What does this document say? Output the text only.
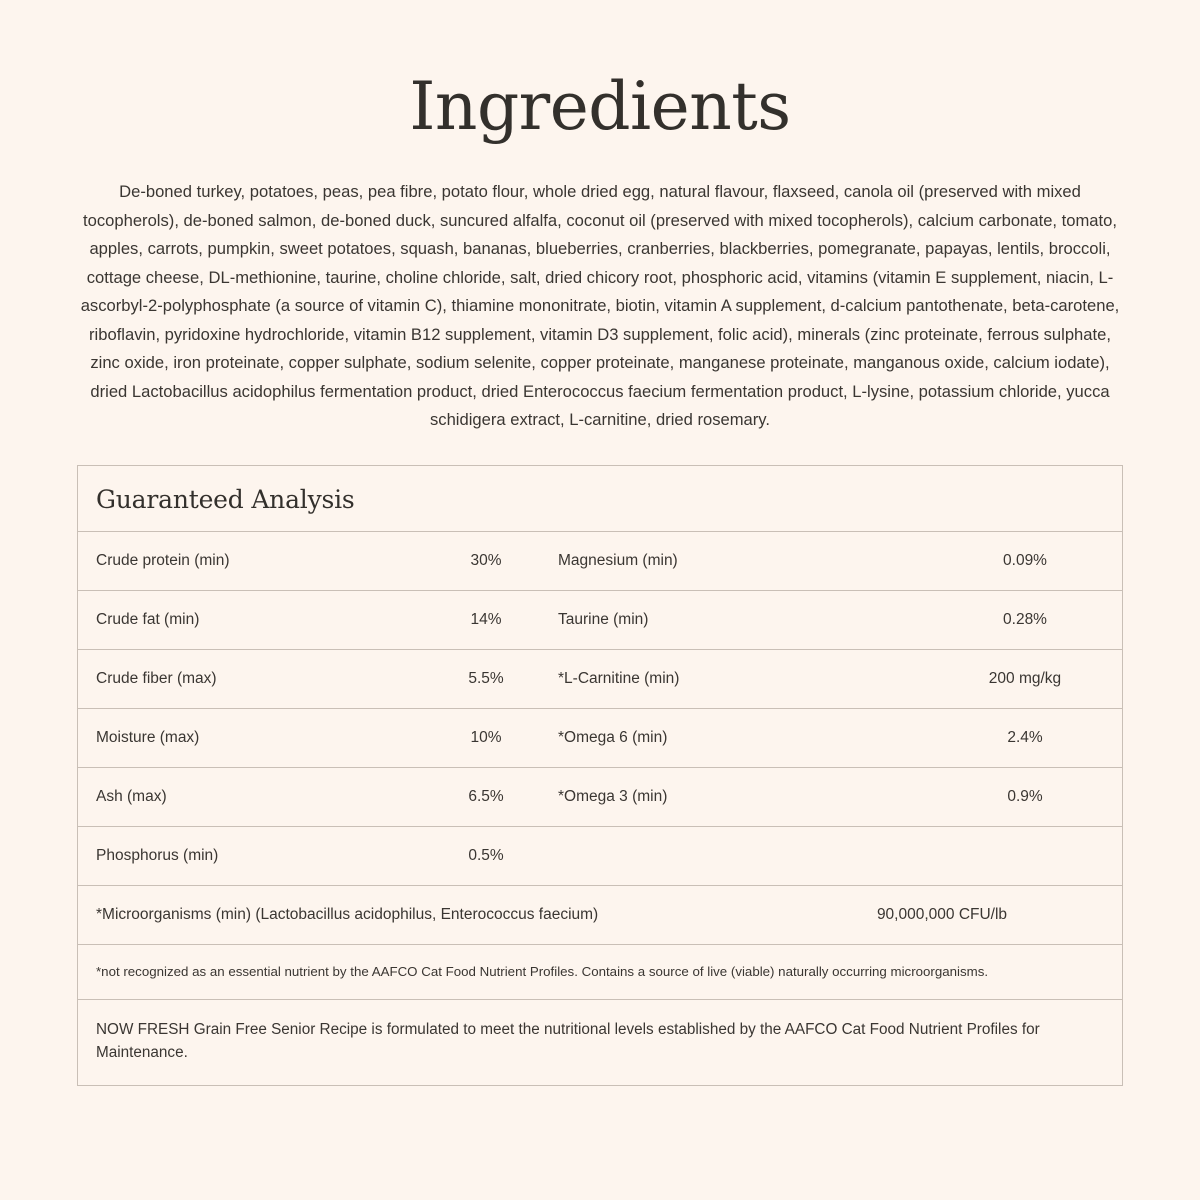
Ingredients

De-boned turkey, potatoes, peas, pea fibre, potato flour, whole dried egg, natural flavour, flaxseed, canola oil (preserved with mixed tocopherols), de-boned salmon, de-boned duck, suncured alfalfa, coconut oil (preserved with mixed tocopherols), calcium carbonate, tomato, apples, carrots, pumpkin, sweet potatoes, squash, bananas, blueberries, cranberries, blackberries, pomegranate, papayas, lentils, broccoli, cottage cheese, DL-methionine, taurine, choline chloride, salt, dried chicory root, phosphoric acid, vitamins (vitamin E supplement, niacin, L-ascorbyl-2-polyphosphate (a source of vitamin C), thiamine mononitrate, biotin, vitamin A supplement, d-calcium pantothenate, beta-carotene, riboflavin, pyridoxine hydrochloride, vitamin B12 supplement, vitamin D3 supplement, folic acid), minerals (zinc proteinate, ferrous sulphate, zinc oxide, iron proteinate, copper sulphate, sodium selenite, copper proteinate, manganese proteinate, manganous oxide, calcium iodate), dried Lactobacillus acidophilus fermentation product, dried Enterococcus faecium fermentation product, L-lysine, potassium chloride, yucca schidigera extract, L-carnitine, dried rosemary.

Guaranteed Analysis
Crude protein (min)	30%	Magnesium (min)	0.09%
Crude fat (min)	14%	Taurine (min)	0.28%
Crude fiber (max)	5.5%	*L-Carnitine (min)	200 mg/kg
Moisture (max)	10%	*Omega 6 (min)	2.4%
Ash (max)	6.5%	*Omega 3 (min)	0.9%
Phosphorus (min)	0.5%
*Microorganisms (min) (Lactobacillus acidophilus, Enterococcus faecium)	90,000,000 CFU/lb
*not recognized as an essential nutrient by the AAFCO Cat Food Nutrient Profiles. Contains a source of live (viable) naturally occurring microorganisms.
NOW FRESH Grain Free Senior Recipe is formulated to meet the nutritional levels established by the AAFCO Cat Food Nutrient Profiles for Maintenance.
